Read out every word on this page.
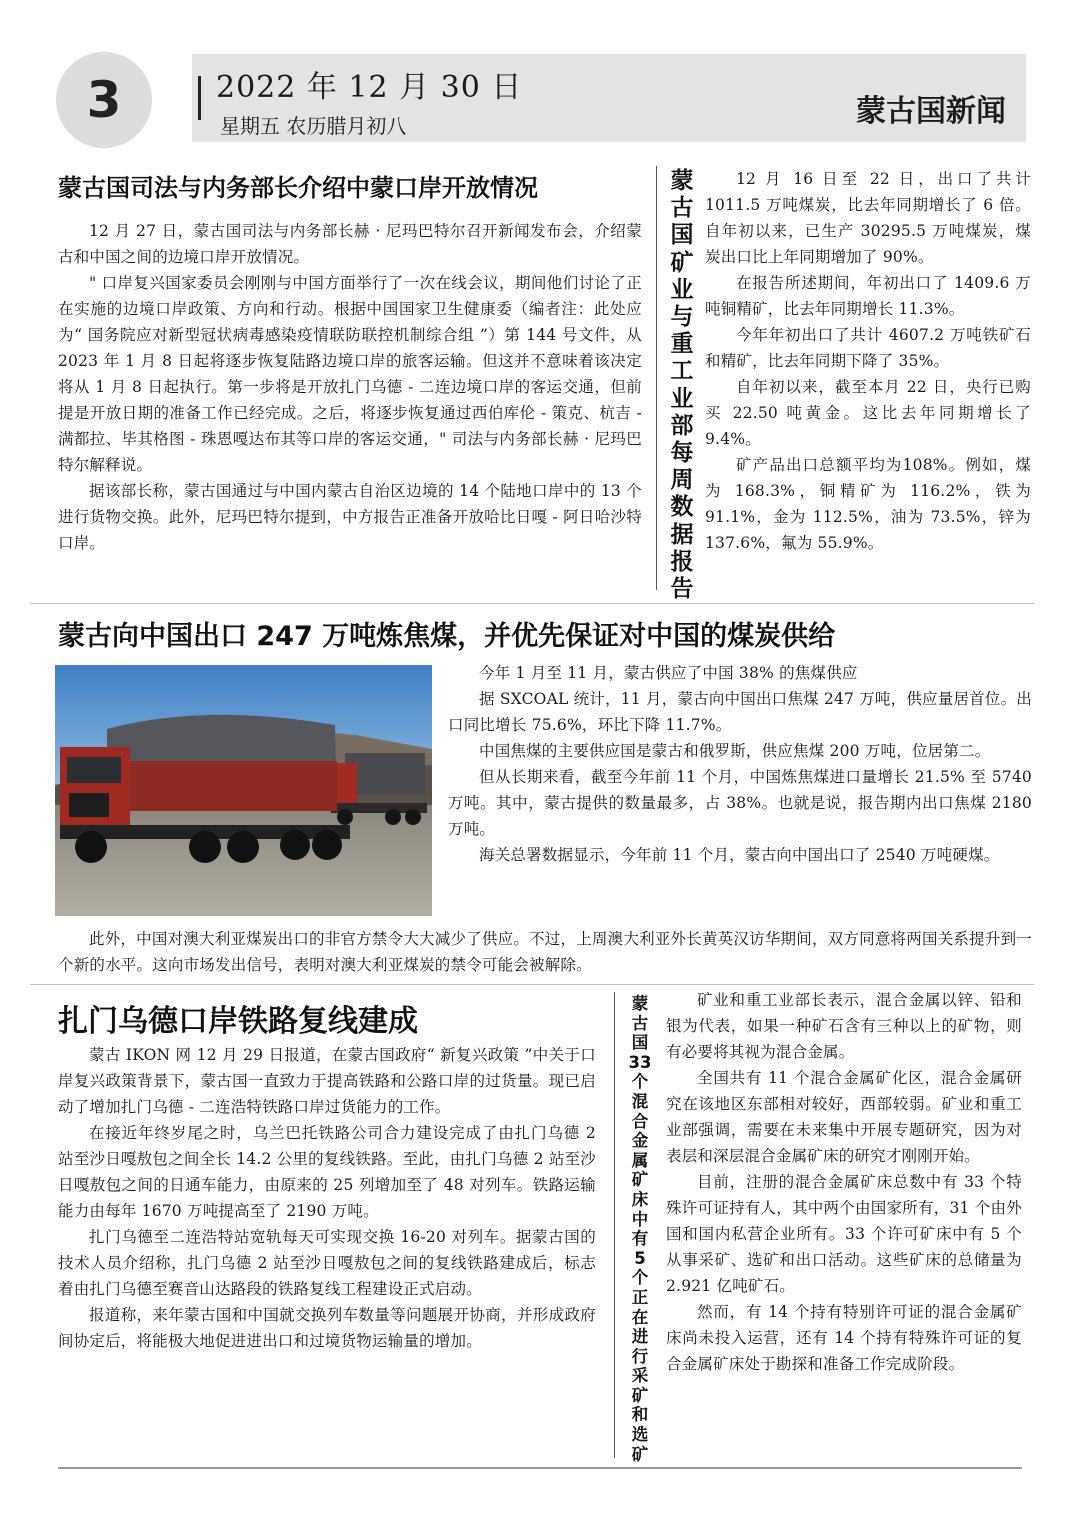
3	2022 年 12 月 30 日
星期五 农历腊月初八	蒙古国新闻
蒙古国司法与内务部长介绍中蒙口岸开放情况

12 月 27 日，蒙古国司法与内务部长赫 · 尼玛巴特尔召开新闻发布会，介绍蒙古和中国之间的边境口岸开放情况。

" 口岸复兴国家委员会刚刚与中国方面举行了一次在线会议，期间他们讨论了正在实施的边境口岸政策、方向和行动。根据中国国家卫生健康委（编者注：此处应为“ 国务院应对新型冠状病毒感染疫情联防联控机制综合组 ”）第 144 号文件，从 2023 年 1 月 8 日起将逐步恢复陆路边境口岸的旅客运输。但这并不意味着该决定将从 1 月 8 日起执行。第一步将是开放扎门乌德 - 二连边境口岸的客运交通，但前提是开放日期的准备工作已经完成。之后，将逐步恢复通过西伯库伦 - 策克、杭吉 - 满都拉、毕其格图 - 珠恩嘎达布其等口岸的客运交通，" 司法与内务部长赫 · 尼玛巴特尔解释说。

据该部长称，蒙古国通过与中国内蒙古自治区边境的 14 个陆地口岸中的 13 个进行货物交换。此外，尼玛巴特尔提到，中方报告正准备开放哈比日嘎 - 阿日哈沙特口岸。

蒙
古
国
矿
业
与
重
工
业
部
每
周
数
据
报
告

12 月 16 日至 22 日，出口了共计 1011.5 万吨煤炭，比去年同期增长了 6 倍。自年初以来，已生产 30295.5 万吨煤炭，煤炭出口比上年同期增加了 90%。

在报告所述期间，年初出口了 1409.6 万吨铜精矿，比去年同期增长 11.3%。

今年年初出口了共计 4607.2 万吨铁矿石和精矿，比去年同期下降了 35%。

自年初以来，截至本月 22 日，央行已购买 22.50 吨黄金。这比去年同期增长了 9.4%。

矿产品出口总额平均为108%。例如，煤为 168.3%，铜精矿为 116.2%，铁为 91.1%，金为 112.5%，油为 73.5%，锌为 137.6%，氟为 55.9%。

蒙古向中国出口 247 万吨炼焦煤，并优先保证对中国的煤炭供给

今年 1 月至 11 月，蒙古供应了中国 38% 的焦煤供应

据 SXCOAL 统计，11 月，蒙古向中国出口焦煤 247 万吨，供应量居首位。出口同比增长 75.6%，环比下降 11.7%。

中国焦煤的主要供应国是蒙古和俄罗斯，供应焦煤 200 万吨，位居第二。

但从长期来看，截至今年前 11 个月，中国炼焦煤进口量增长 21.5% 至 5740 万吨。其中，蒙古提供的数量最多，占 38%。也就是说，报告期内出口焦煤 2180 万吨。

海关总署数据显示，今年前 11 个月，蒙古向中国出口了 2540 万吨硬煤。

此外，中国对澳大利亚煤炭出口的非官方禁令大大减少了供应。不过，上周澳大利亚外长黄英汉访华期间，双方同意将两国关系提升到一个新的水平。这向市场发出信号，表明对澳大利亚煤炭的禁令可能会被解除。

扎门乌德口岸铁路复线建成

蒙古 IKON 网 12 月 29 日报道，在蒙古国政府“ 新复兴政策 ”中关于口岸复兴政策背景下，蒙古国一直致力于提高铁路和公路口岸的过货量。现已启动了增加扎门乌德 - 二连浩特铁路口岸过货能力的工作。

在接近年终岁尾之时，乌兰巴托铁路公司合力建设完成了由扎门乌德 2 站至沙日嘎敖包之间全长 14.2 公里的复线铁路。至此，由扎门乌德 2 站至沙日嘎敖包之间的日通车能力，由原来的 25 列增加至了 48 对列车。铁路运输能力由每年 1670 万吨提高至了 2190 万吨。

扎门乌德至二连浩特站宽轨每天可实现交换 16-20 对列车。据蒙古国的技术人员介绍称，扎门乌德 2 站至沙日嘎敖包之间的复线铁路建成后，标志着由扎门乌德至赛音山达路段的铁路复线工程建设正式启动。

报道称，来年蒙古国和中国就交换列车数量等问题展开协商，并形成政府间协定后，将能极大地促进进出口和过境货物运输量的增加。

蒙
古
国
33
个
混
合
金
属
矿
床
中
有
5
个
正
在
进
行
采
矿
和
选
矿

矿业和重工业部长表示，混合金属以锌、铅和银为代表，如果一种矿石含有三种以上的矿物，则有必要将其视为混合金属。

全国共有 11 个混合金属矿化区，混合金属研究在该地区东部相对较好，西部较弱。矿业和重工业部强调，需要在未来集中开展专题研究，因为对表层和深层混合金属矿床的研究才刚刚开始。

目前，注册的混合金属矿床总数中有 33 个特殊许可证持有人，其中两个由国家所有，31 个由外国和国内私营企业所有。33 个许可矿床中有 5 个从事采矿、选矿和出口活动。这些矿床的总储量为 2.921 亿吨矿石。

然而，有 14 个持有特别许可证的混合金属矿床尚未投入运营，还有 14 个持有特殊许可证的复合金属矿床处于勘探和准备工作完成阶段。
